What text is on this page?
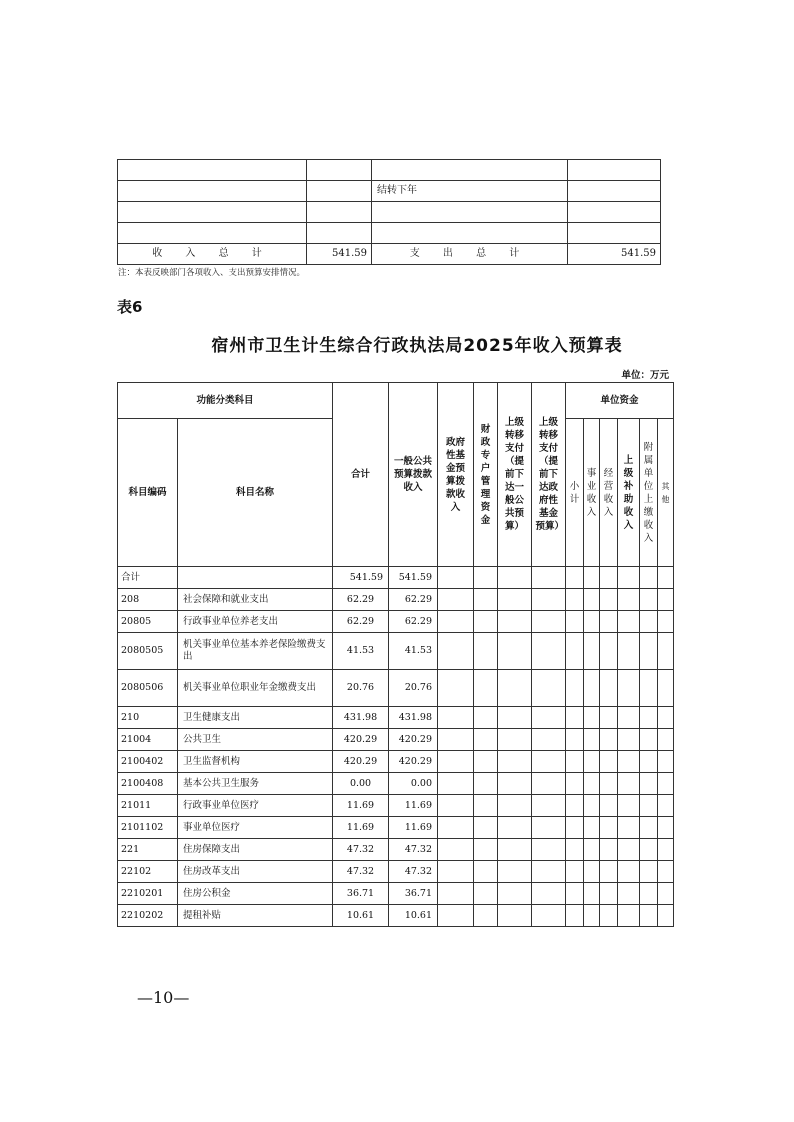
		结转下年	

收 入 总 计	541.59	支 出 总 计	541.59
注：本表反映部门各项收入、支出预算安排情况。
表6
宿州市卫生计生综合行政执法局2025年收入预算表
单位：万元
功能分类科目		合计	一般公共预算拨款收入	政府性基金预算拨款收入	财政专户管理资金	上级转移支付（提前下达一般公共预算）	上级转移支付（提前下达政府性基金预算）	单位资金					
科目编码	科目名称							小计	事业收入	经营收入	上级补助收入	附属单位上缴收入	其他
合计		541.59	541.59										
208	社会保障和就业支出	62.29	62.29										
20805	行政事业单位养老支出	62.29	62.29										
2080505	机关事业单位基本养老保险缴费支出	41.53	41.53										
2080506	机关事业单位职业年金缴费支出	20.76	20.76										
210	卫生健康支出	431.98	431.98										
21004	公共卫生	420.29	420.29										
2100402	卫生监督机构	420.29	420.29										
2100408	基本公共卫生服务	0.00	0.00										
21011	行政事业单位医疗	11.69	11.69										
2101102	事业单位医疗	11.69	11.69										
221	住房保障支出	47.32	47.32										
22102	住房改革支出	47.32	47.32										
2210201	住房公积金	36.71	36.71										
2210202	提租补贴	10.61	10.61										
—10—
